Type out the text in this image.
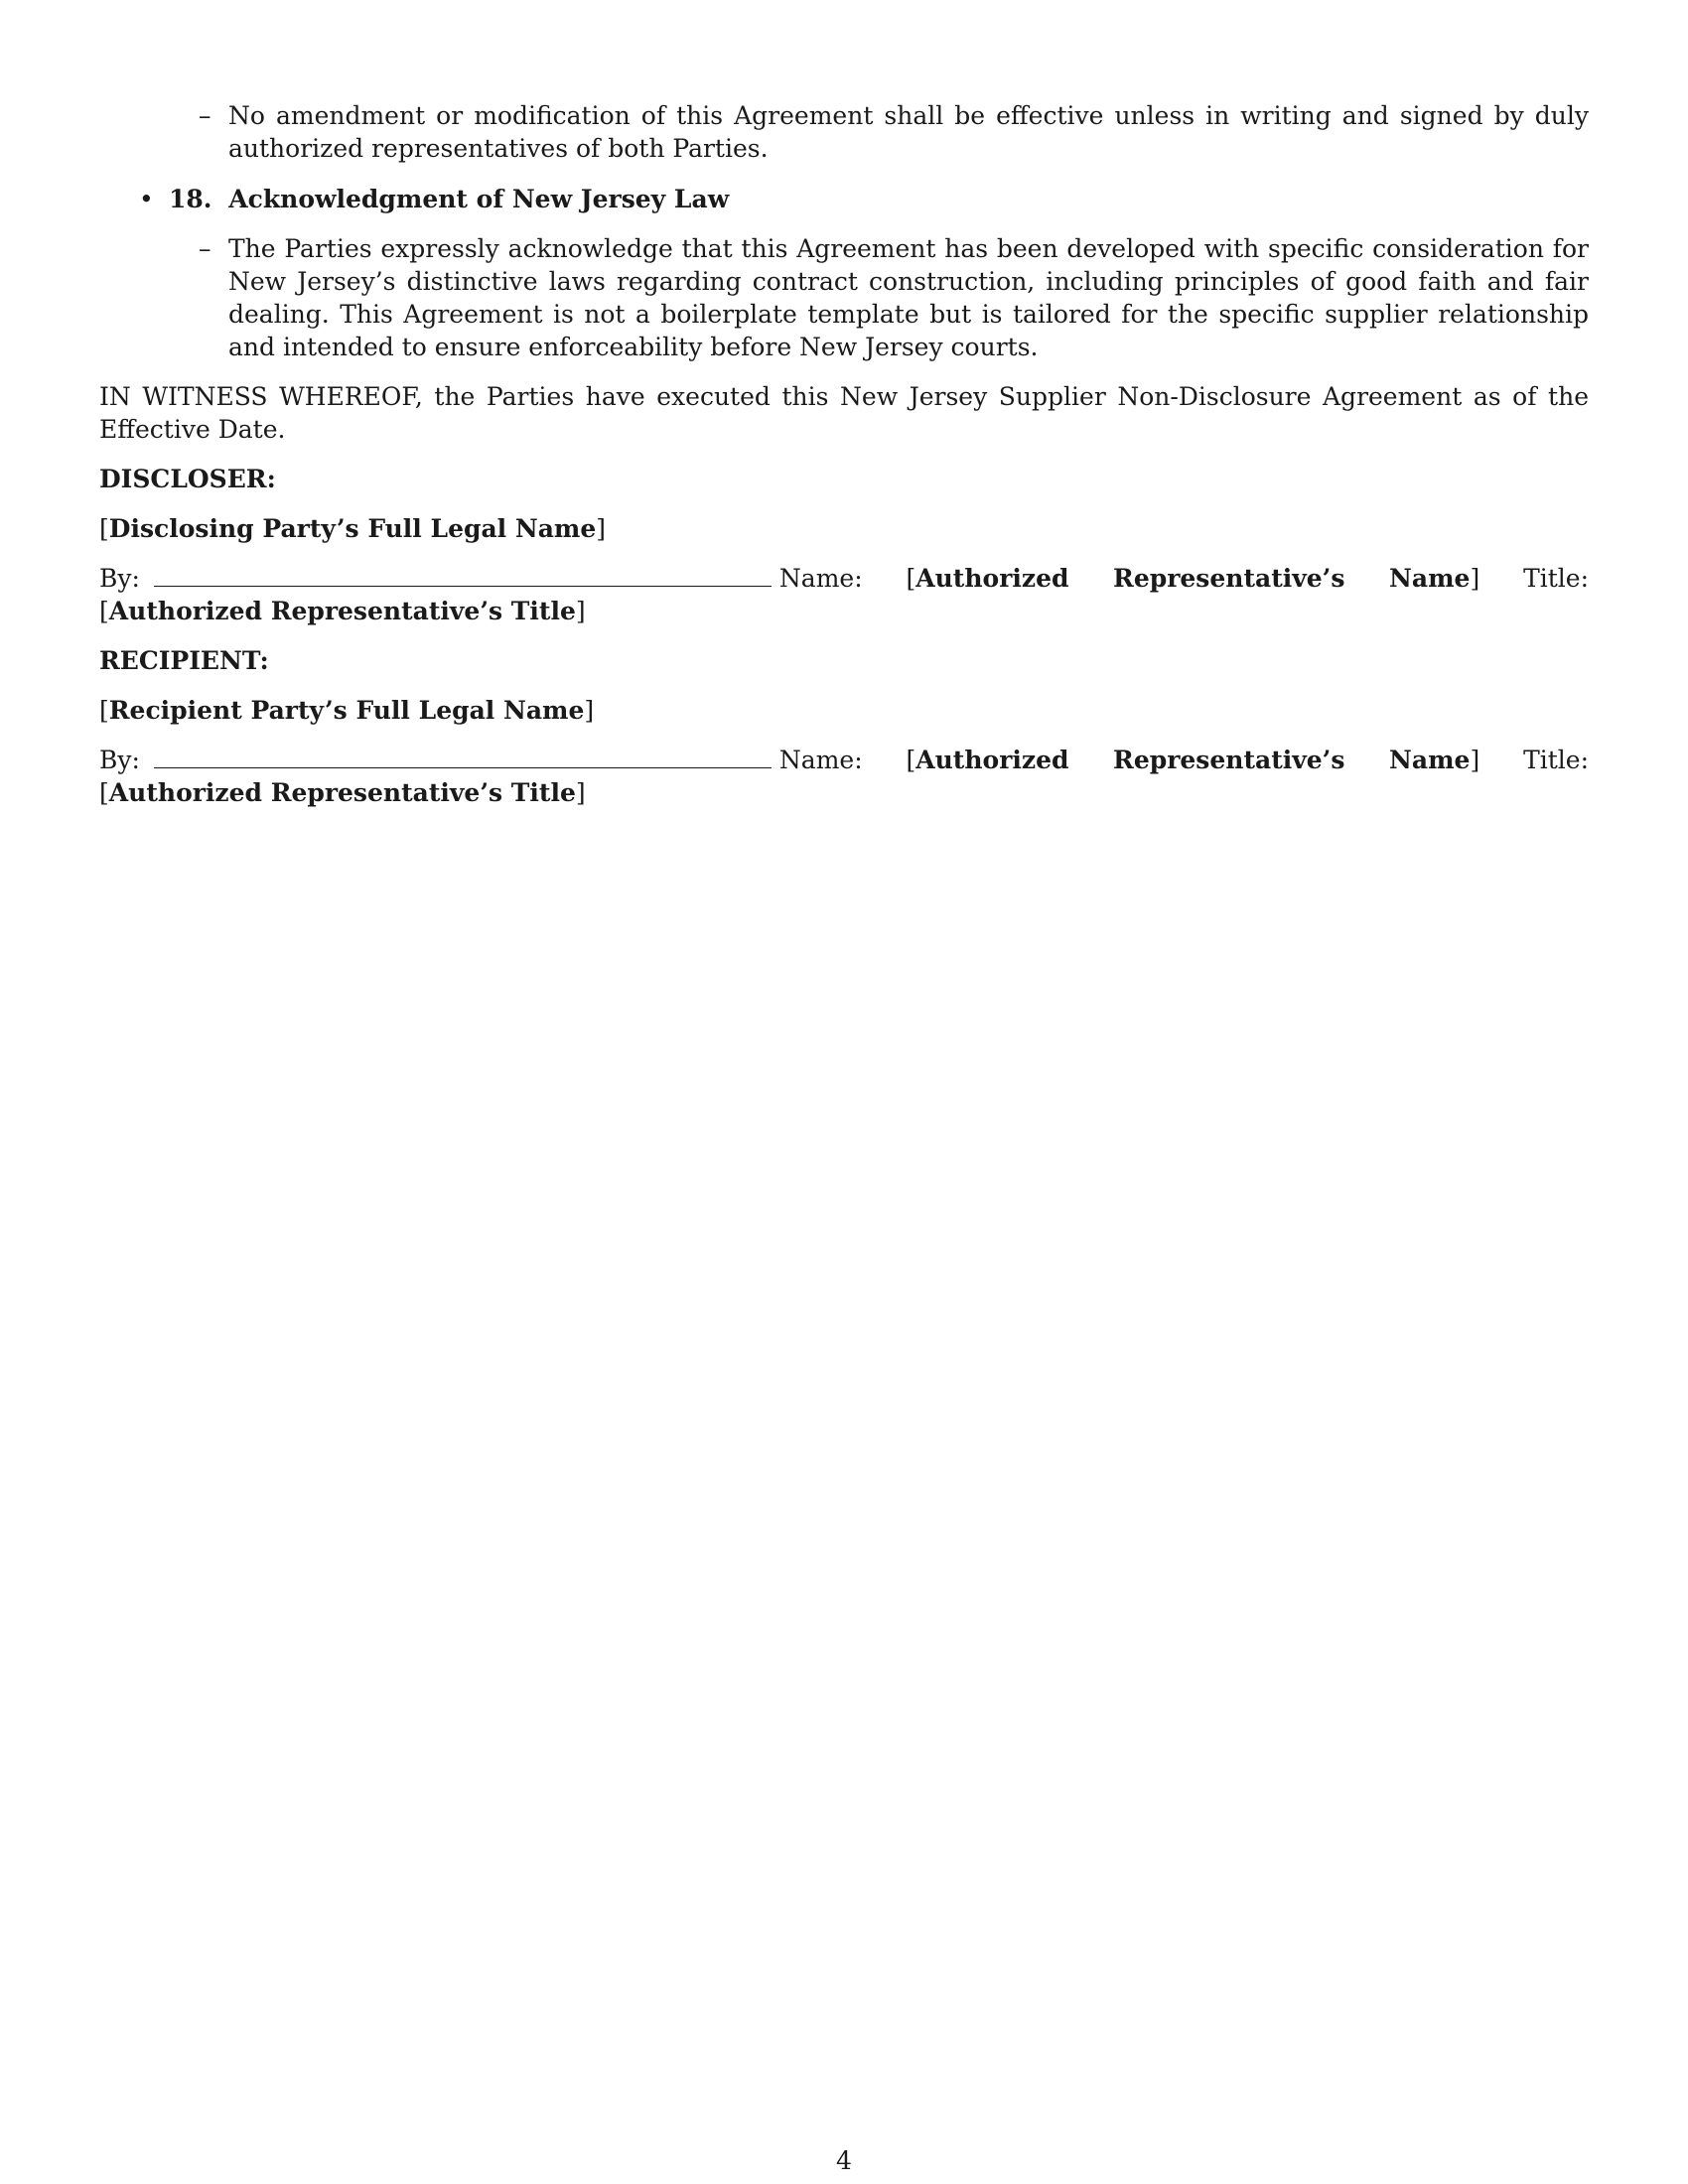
– No amendment or modification of this Agreement shall be effective unless in writing and signed by duly authorized representatives of both Parties.
• 18. Acknowledgment of New Jersey Law
– The Parties expressly acknowledge that this Agreement has been developed with specific consideration for New Jersey’s distinctive laws regarding contract construction, including principles of good faith and fair dealing. This Agreement is not a boilerplate template but is tailored for the specific supplier relationship and intended to ensure enforceability before New Jersey courts.
IN WITNESS WHEREOF, the Parties have executed this New Jersey Supplier Non-Disclosure Agreement as of the Effective Date.
DISCLOSER:
[Disclosing Party’s Full Legal Name]
By:	Name: [Authorized Representative’s Name] Title: [Authorized Representative’s Title]
RECIPIENT:
[Recipient Party’s Full Legal Name]
By:	Name: [Authorized Representative’s Name] Title: [Authorized Representative’s Title]
4
